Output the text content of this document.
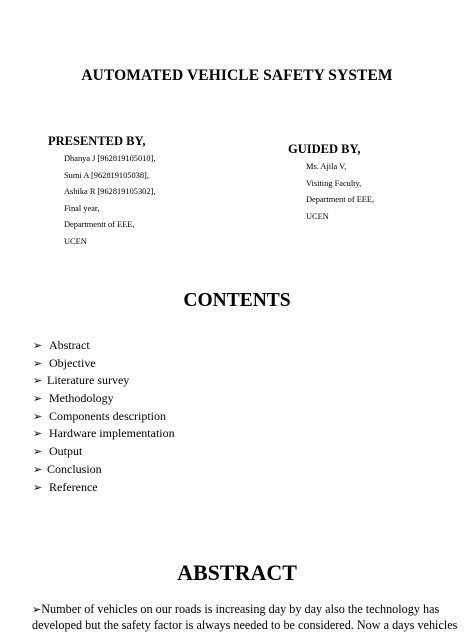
AUTOMATED VEHICLE SAFETY SYSTEM
PRESENTED BY,
Dhanya J [962819105010],
Sumi A [962819105038],
Ashika R [962819105302],
Final year,
Departmentt of EEE,
UCEN
GUIDED BY,
Ms. Ajila V,
Visiting Faculty,
Department of EEE,
UCEN
CONTENTS
➢ Abstract
➢ Objective
➢ Literature survey
➢ Methodology
➢ Components description
➢ Hardware implementation
➢ Output
➢ Conclusion
➢ Reference
ABSTRACT
➢Number of vehicles on our roads is increasing day by day also the technology has
developed but the safety factor is always needed to be considered. Now a days vehicles
